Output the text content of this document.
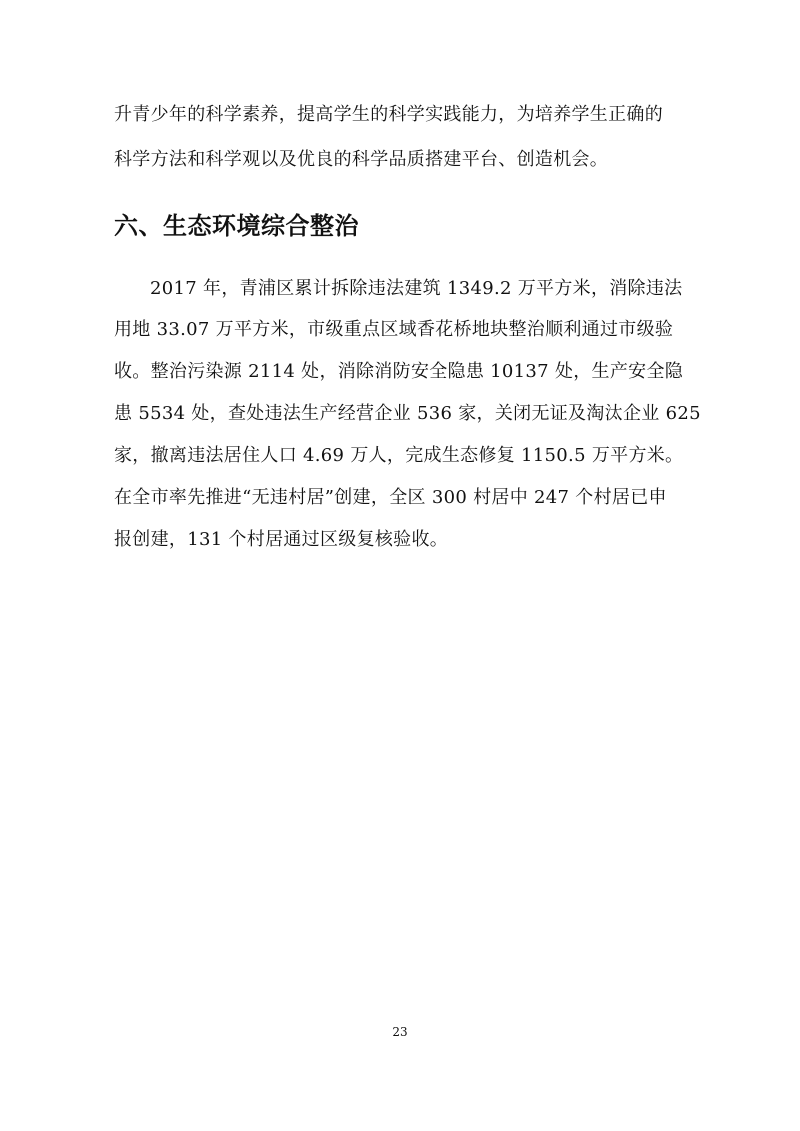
升青少年的科学素养，提高学生的科学实践能力，为培养学生正确的
科学方法和科学观以及优良的科学品质搭建平台、创造机会。
六、生态环境综合整治
2017 年，青浦区累计拆除违法建筑 1349.2 万平方米，消除违法
用地 33.07 万平方米，市级重点区域香花桥地块整治顺利通过市级验
收。整治污染源 2114 处，消除消防安全隐患 10137 处，生产安全隐
患 5534 处，查处违法生产经营企业 536 家，关闭无证及淘汰企业 625
家，撤离违法居住人口 4.69 万人，完成生态修复 1150.5 万平方米。
在全市率先推进“无违村居”创建，全区 300 村居中 247 个村居已申
报创建，131 个村居通过区级复核验收。
23
